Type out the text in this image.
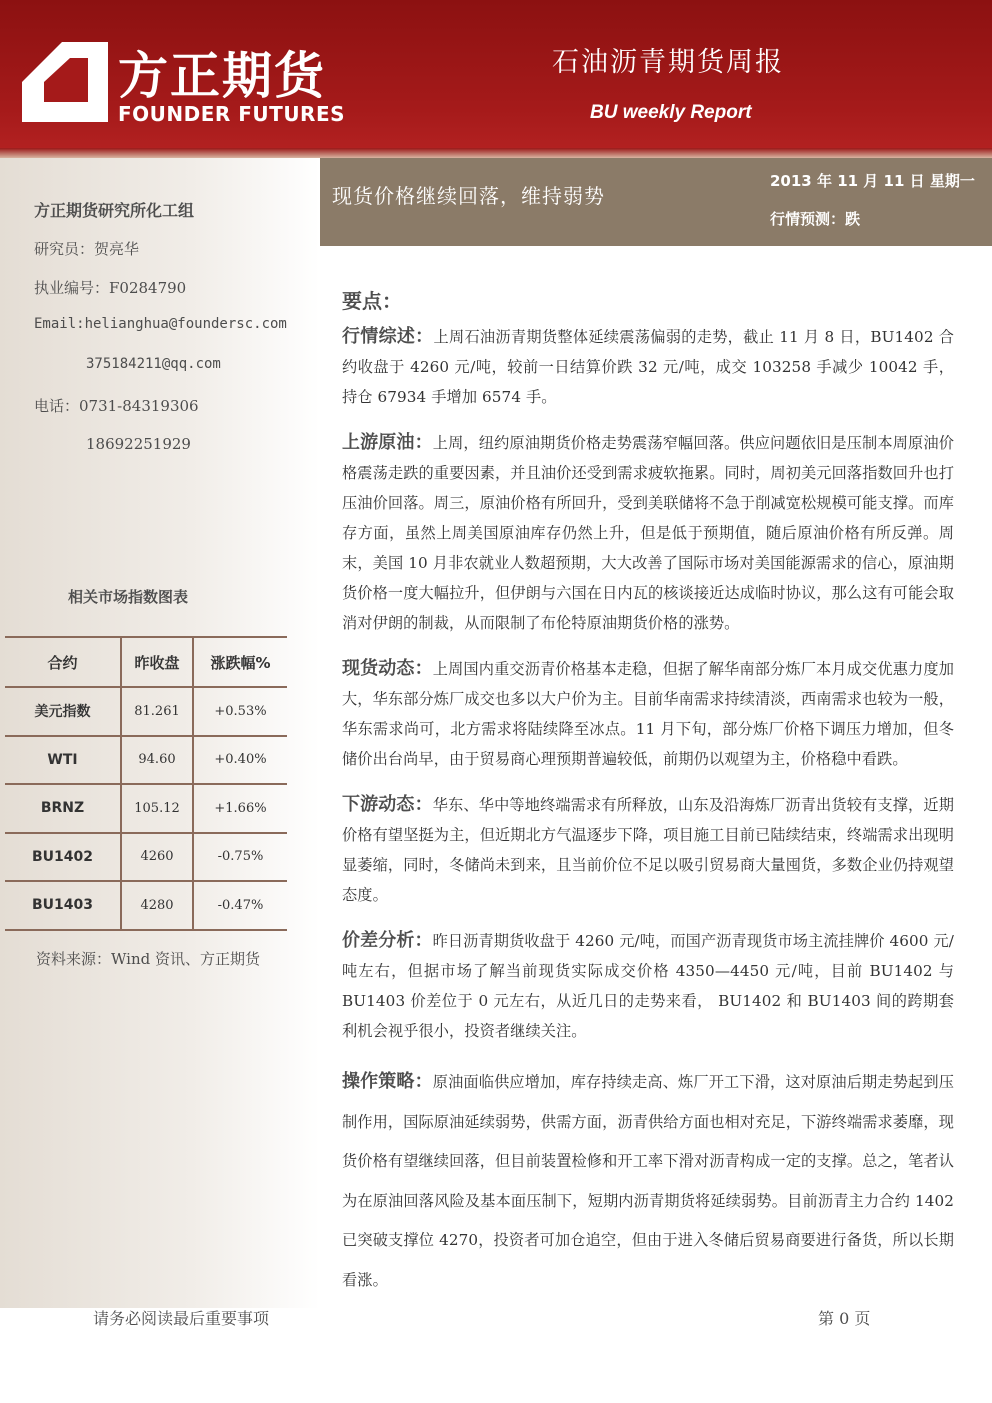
方正期货
FOUNDER FUTURES
石油沥青期货周报
BU weekly Report
方正期货研究所化工组
研究员：贺亮华
执业编号：F0284790
Email:helianghua@foundersc.com
375184211@qq.com
电话：0731-84319306
18692251929
相关市场指数图表
合约	昨收盘	涨跌幅%
美元指数	81.261	+0.53%
WTI	94.60	+0.40%
BRNZ	105.12	+1.66%
BU1402	4260	-0.75%
BU1403	4280	-0.47%
资料来源：Wind 资讯、方正期货
现货价格继续回落，维持弱势
2013 年 11 月 11 日 星期一
行情预测：跌
要点：

行情综述：上周石油沥青期货整体延续震荡偏弱的走势，截止 11 月 8 日，BU1402 合约收盘于 4260 元/吨，较前一日结算价跌 32 元/吨，成交 103258 手减少 10042 手，持仓 67934 手增加 6574 手。

上游原油：上周，纽约原油期货价格走势震荡窄幅回落。供应问题依旧是压制本周原油价格震荡走跌的重要因素，并且油价还受到需求疲软拖累。同时，周初美元回落指数回升也打压油价回落。周三，原油价格有所回升，受到美联储将不急于削减宽松规模可能支撑。而库存方面，虽然上周美国原油库存仍然上升，但是低于预期值，随后原油价格有所反弹。周末，美国 10 月非农就业人数超预期，大大改善了国际市场对美国能源需求的信心，原油期货价格一度大幅拉升，但伊朗与六国在日内瓦的核谈接近达成临时协议，那么这有可能会取消对伊朗的制裁，从而限制了布伦特原油期货价格的涨势。

现货动态：上周国内重交沥青价格基本走稳，但据了解华南部分炼厂本月成交优惠力度加大，华东部分炼厂成交也多以大户价为主。目前华南需求持续清淡，西南需求也较为一般，华东需求尚可，北方需求将陆续降至冰点。11 月下旬，部分炼厂价格下调压力增加，但冬储价出台尚早，由于贸易商心理预期普遍较低，前期仍以观望为主，价格稳中看跌。

下游动态：华东、华中等地终端需求有所释放，山东及沿海炼厂沥青出货较有支撑，近期价格有望坚挺为主，但近期北方气温逐步下降，项目施工目前已陆续结束，终端需求出现明显萎缩，同时，冬储尚未到来，且当前价位不足以吸引贸易商大量囤货，多数企业仍持观望态度。

价差分析：昨日沥青期货收盘于 4260 元/吨，而国产沥青现货市场主流挂牌价 4600 元/吨左右，但据市场了解当前现货实际成交价格 4350—4450 元/吨，目前 BU1402 与 BU1403 价差位于 0 元左右，从近几日的走势来看， BU1402 和 BU1403 间的跨期套利机会视乎很小，投资者继续关注。

操作策略：原油面临供应增加，库存持续走高、炼厂开工下滑，这对原油后期走势起到压制作用，国际原油延续弱势，供需方面，沥青供给方面也相对充足，下游终端需求萎靡，现货价格有望继续回落，但目前装置检修和开工率下滑对沥青构成一定的支撑。总之，笔者认为在原油回落风险及基本面压制下，短期内沥青期货将延续弱势。目前沥青主力合约 1402 已突破支撑位 4270，投资者可加仓追空，但由于进入冬储后贸易商要进行备货，所以长期看涨。

请务必阅读最后重要事项	第 0 页
